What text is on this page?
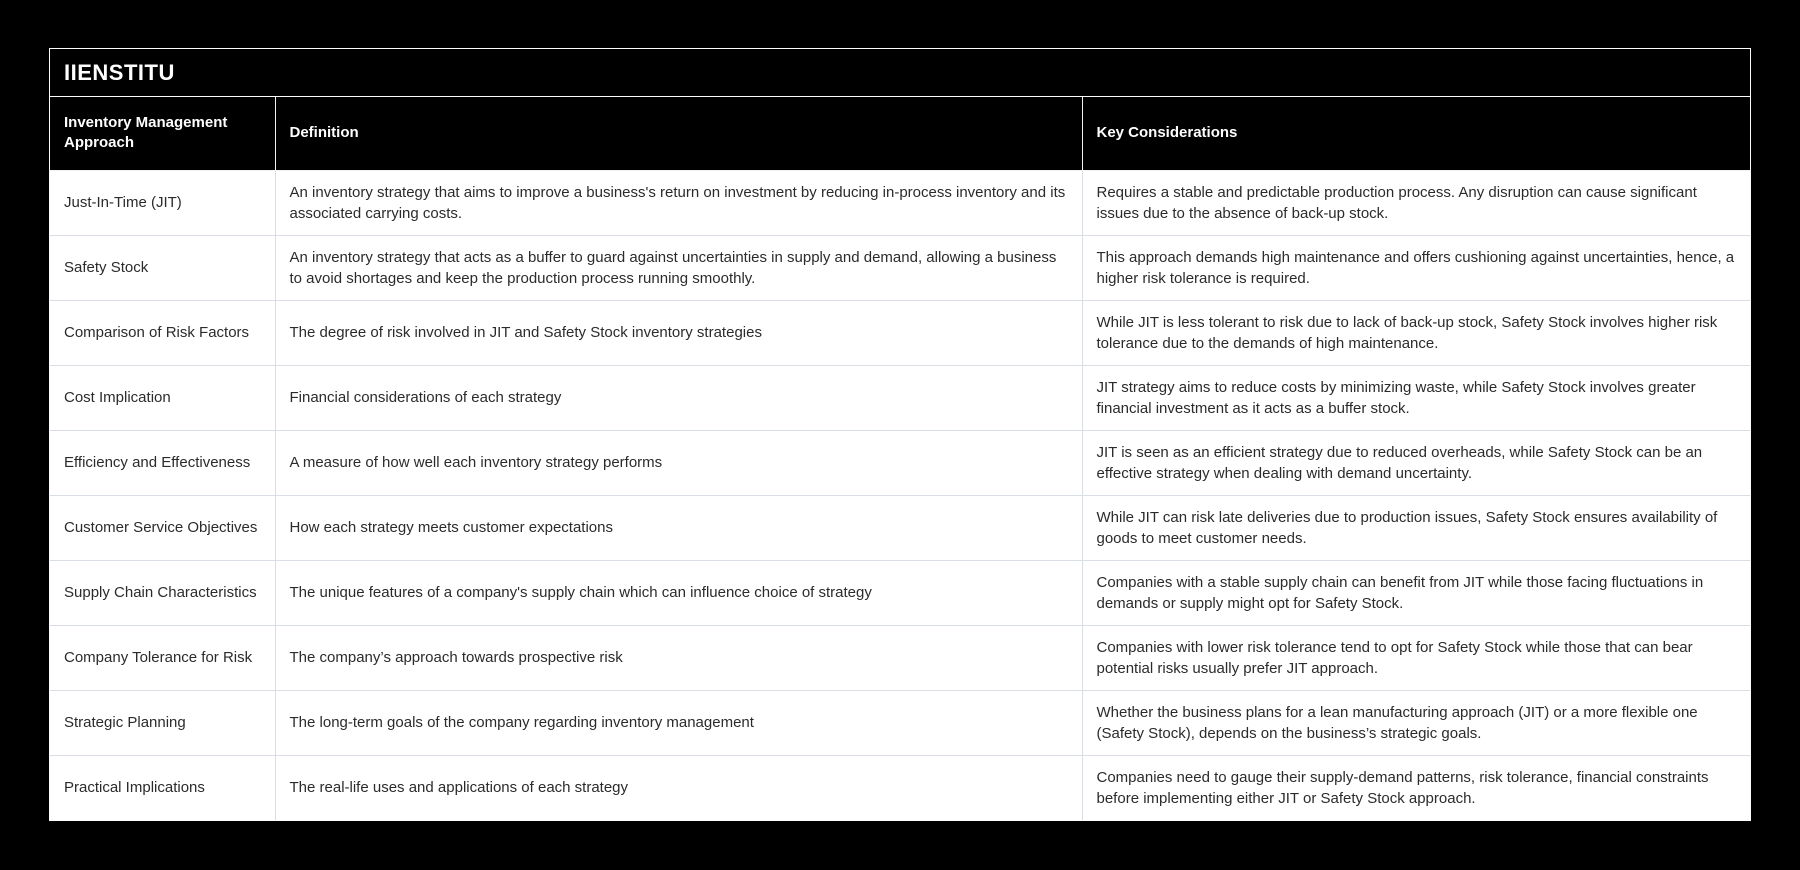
IIENSTITU
Inventory Management Approach	Definition	Key Considerations
Just-In-Time (JIT)	An inventory strategy that aims to improve a business's return on investment by reducing in-process inventory and its associated carrying costs.	Requires a stable and predictable production process. Any disruption can cause significant issues due to the absence of back-up stock.
Safety Stock	An inventory strategy that acts as a buffer to guard against uncertainties in supply and demand, allowing a business to avoid shortages and keep the production process running smoothly.	This approach demands high maintenance and offers cushioning against uncertainties, hence, a higher risk tolerance is required.
Comparison of Risk Factors	The degree of risk involved in JIT and Safety Stock inventory strategies	While JIT is less tolerant to risk due to lack of back-up stock, Safety Stock involves higher risk tolerance due to the demands of high maintenance.
Cost Implication	Financial considerations of each strategy	JIT strategy aims to reduce costs by minimizing waste, while Safety Stock involves greater financial investment as it acts as a buffer stock.
Efficiency and Effectiveness	A measure of how well each inventory strategy performs	JIT is seen as an efficient strategy due to reduced overheads, while Safety Stock can be an effective strategy when dealing with demand uncertainty.
Customer Service Objectives	How each strategy meets customer expectations	While JIT can risk late deliveries due to production issues, Safety Stock ensures availability of goods to meet customer needs.
Supply Chain Characteristics	The unique features of a company's supply chain which can influence choice of strategy	Companies with a stable supply chain can benefit from JIT while those facing fluctuations in demands or supply might opt for Safety Stock.
Company Tolerance for Risk	The company’s approach towards prospective risk	Companies with lower risk tolerance tend to opt for Safety Stock while those that can bear potential risks usually prefer JIT approach.
Strategic Planning	The long-term goals of the company regarding inventory management	Whether the business plans for a lean manufacturing approach (JIT) or a more flexible one (Safety Stock), depends on the business’s strategic goals.
Practical Implications	The real-life uses and applications of each strategy	Companies need to gauge their supply-demand patterns, risk tolerance, financial constraints before implementing either JIT or Safety Stock approach.
